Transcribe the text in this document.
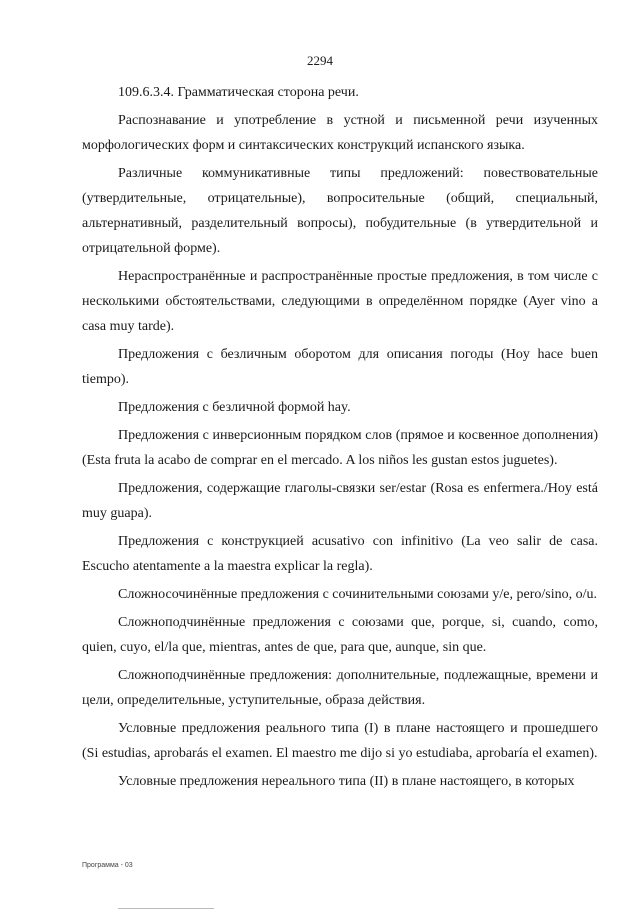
2294

109.6.3.4. Грамматическая сторона речи.

Распознавание и употребление в устной и письменной речи изученных морфологических форм и синтаксических конструкций испанского языка.

Различные коммуникативные типы предложений: повествовательные (утвердительные, отрицательные), вопросительные (общий, специальный, альтернативный, разделительный вопросы), побудительные (в утвердительной и отрицательной форме).

Нераспространённые и распространённые простые предложения, в том числе с несколькими обстоятельствами, следующими в определённом порядке (Ayer vino a casa muy tarde).

Предложения с безличным оборотом для описания погоды (Hoy hace buen tiempo).

Предложения с безличной формой hay.

Предложения с инверсионным порядком слов (прямое и косвенное дополнения) (Esta fruta la acabo de comprar en el mercado. A los niños les gustan estos juguetes).

Предложения, содержащие глаголы-связки ser/estar (Rosa es enfermera./Hoy está muy guapa).

Предложения с конструкцией acusativo con infinitivo (La veo salir de casa. Escucho atentamente a la maestra explicar la regla).

Сложносочинённые предложения с сочинительными союзами y/e, pero/sino, o/u.

Сложноподчинённые предложения с союзами que, porque, si, cuando, como, quien, cuyo, el/la que, mientras, antes de que, para que, aunque, sin que.

Сложноподчинённые предложения: дополнительные, подлежащные, времени и цели, определительные, уступительные, образа действия.

Условные предложения реального типа (I) в плане настоящего и прошедшего (Si estudias, aprobarás el examen. El maestro me dijo si yo estudiaba, aprobaría el examen).

Условные предложения нереального типа (II) в плане настоящего, в которых

Программа - 03
